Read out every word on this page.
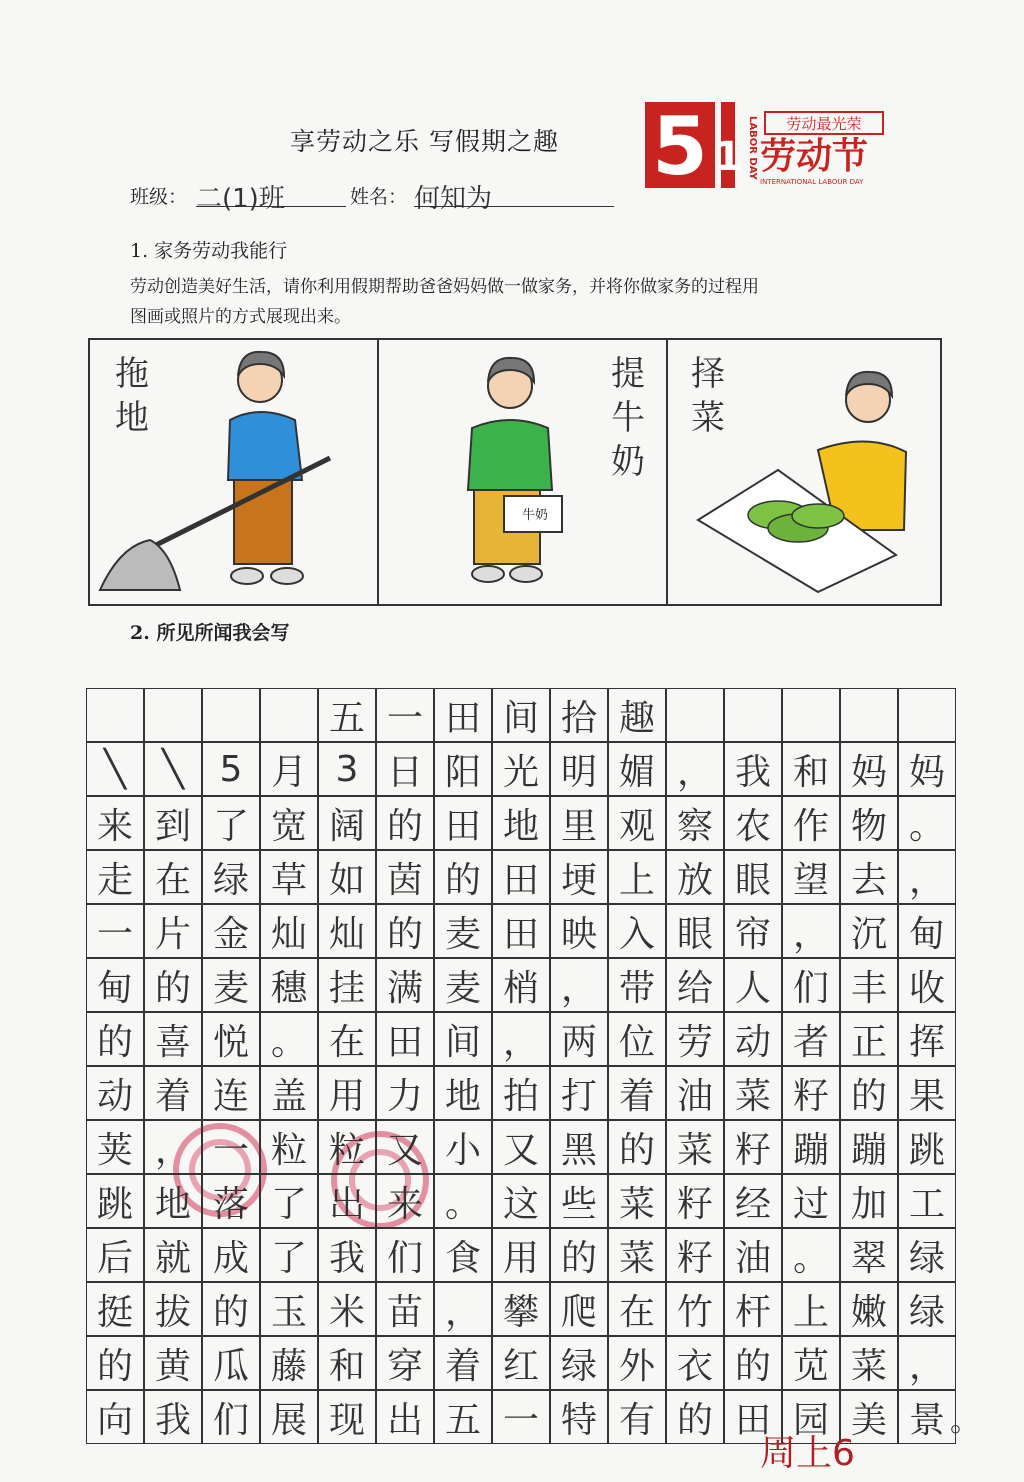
享劳动之乐 写假期之趣 5 1 LABOR DAY 劳动最光荣
劳动节
INTERNATIONAL LABOUR DAY
班级： 二(1)班	姓名： 何知为
1. 家务劳动我能行
劳动创造美好生活，请你利用假期帮助爸爸妈妈做一做家务，并将你做家务的过程用
图画或照片的方式展现出来。
拖
地
牛奶
提
牛
奶
择
菜
2. 所见所闻我会写
五 一 田 间 拾 趣
╲	╲ 5 月 3 日 阳 光 明 媚 ， 我 和 妈 妈
来 到 了 宽 阔 的 田 地 里 观 察 农 作 物 。
走 在 绿 草 如 茵 的 田 埂 上 放 眼 望 去 ，
一 片 金 灿 灿 的 麦 田 映 入 眼 帘 ， 沉 甸
甸 的 麦 穗 挂 满 麦 梢 ， 带 给 人 们 丰 收
的 喜 悦 。 在 田 间 ， 两 位 劳 动 者 正 挥
动 着 连 盖 用 力 地 拍 打 着 油 菜 籽 的 果
荚 ， 一 粒 粒 又 小 又 黑 的 菜 籽 蹦 蹦 跳
跳 地 落 了 出 来 。 这 些 菜 籽 经 过 加 工
后 就 成 了 我 们 食 用 的 菜 籽 油 。 翠 绿
挺 拔 的 玉 米 苗 ， 攀 爬 在 竹 杆 上 嫩 绿
的 黄 瓜 藤 和 穿 着 红 绿 外 衣 的 苋 菜 ，
向 我 们 展 现 出 五 一 特 有 的 田 园 美 景 。
周上6
